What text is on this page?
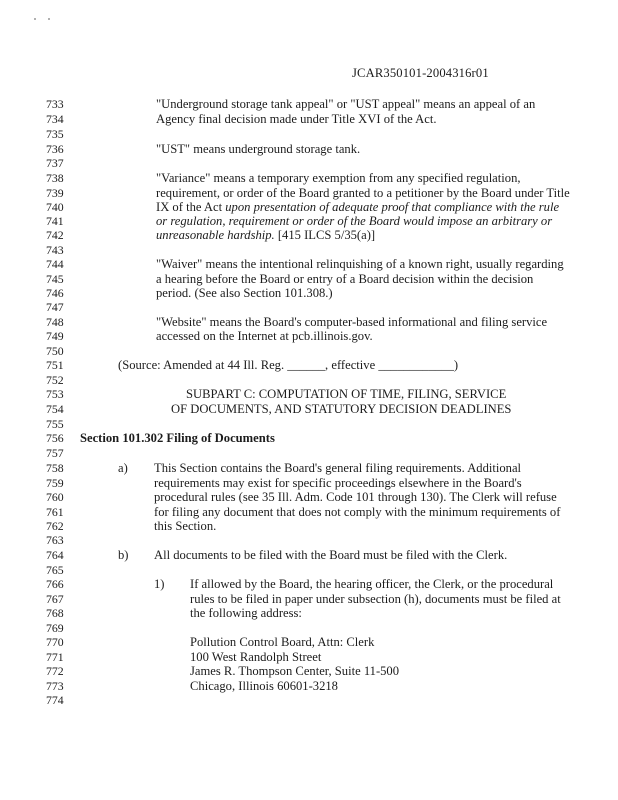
JCAR350101-2004316r01
733
734
735
736
737
738
739
740
741
742
743
744
745
746
747
748
749
750
751
752
753
754
755
756
757
758
759
760
761
762
763
764
765
766
767
768
769
770
771
772
773
774
"Underground storage tank appeal" or "UST appeal" means an appeal of an
Agency final decision made under Title XVI of the Act.
"UST" means underground storage tank.
"Variance" means a temporary exemption from any specified regulation,
requirement, or order of the Board granted to a petitioner by the Board under Title
IX of the Act upon presentation of adequate proof that compliance with the rule
or regulation, requirement or order of the Board would impose an arbitrary or
unreasonable hardship. [415 ILCS 5/35(a)]
"Waiver" means the intentional relinquishing of a known right, usually regarding
a hearing before the Board or entry of a Board decision within the decision
period. (See also Section 101.308.)
"Website" means the Board's computer-based informational and filing service
accessed on the Internet at pcb.illinois.gov.
(Source: Amended at 44 Ill. Reg. ______, effective ____________)
SUBPART C: COMPUTATION OF TIME, FILING, SERVICE
OF DOCUMENTS, AND STATUTORY DECISION DEADLINES
Section 101.302 Filing of Documents
a) This Section contains the Board's general filing requirements. Additional
requirements may exist for specific proceedings elsewhere in the Board's
procedural rules (see 35 Ill. Adm. Code 101 through 130). The Clerk will refuse
for filing any document that does not comply with the minimum requirements of
this Section.
b) All documents to be filed with the Board must be filed with the Clerk.
1) If allowed by the Board, the hearing officer, the Clerk, or the procedural
rules to be filed in paper under subsection (h), documents must be filed at
the following address:
Pollution Control Board, Attn: Clerk
100 West Randolph Street
James R. Thompson Center, Suite 11-500
Chicago, Illinois 60601-3218
